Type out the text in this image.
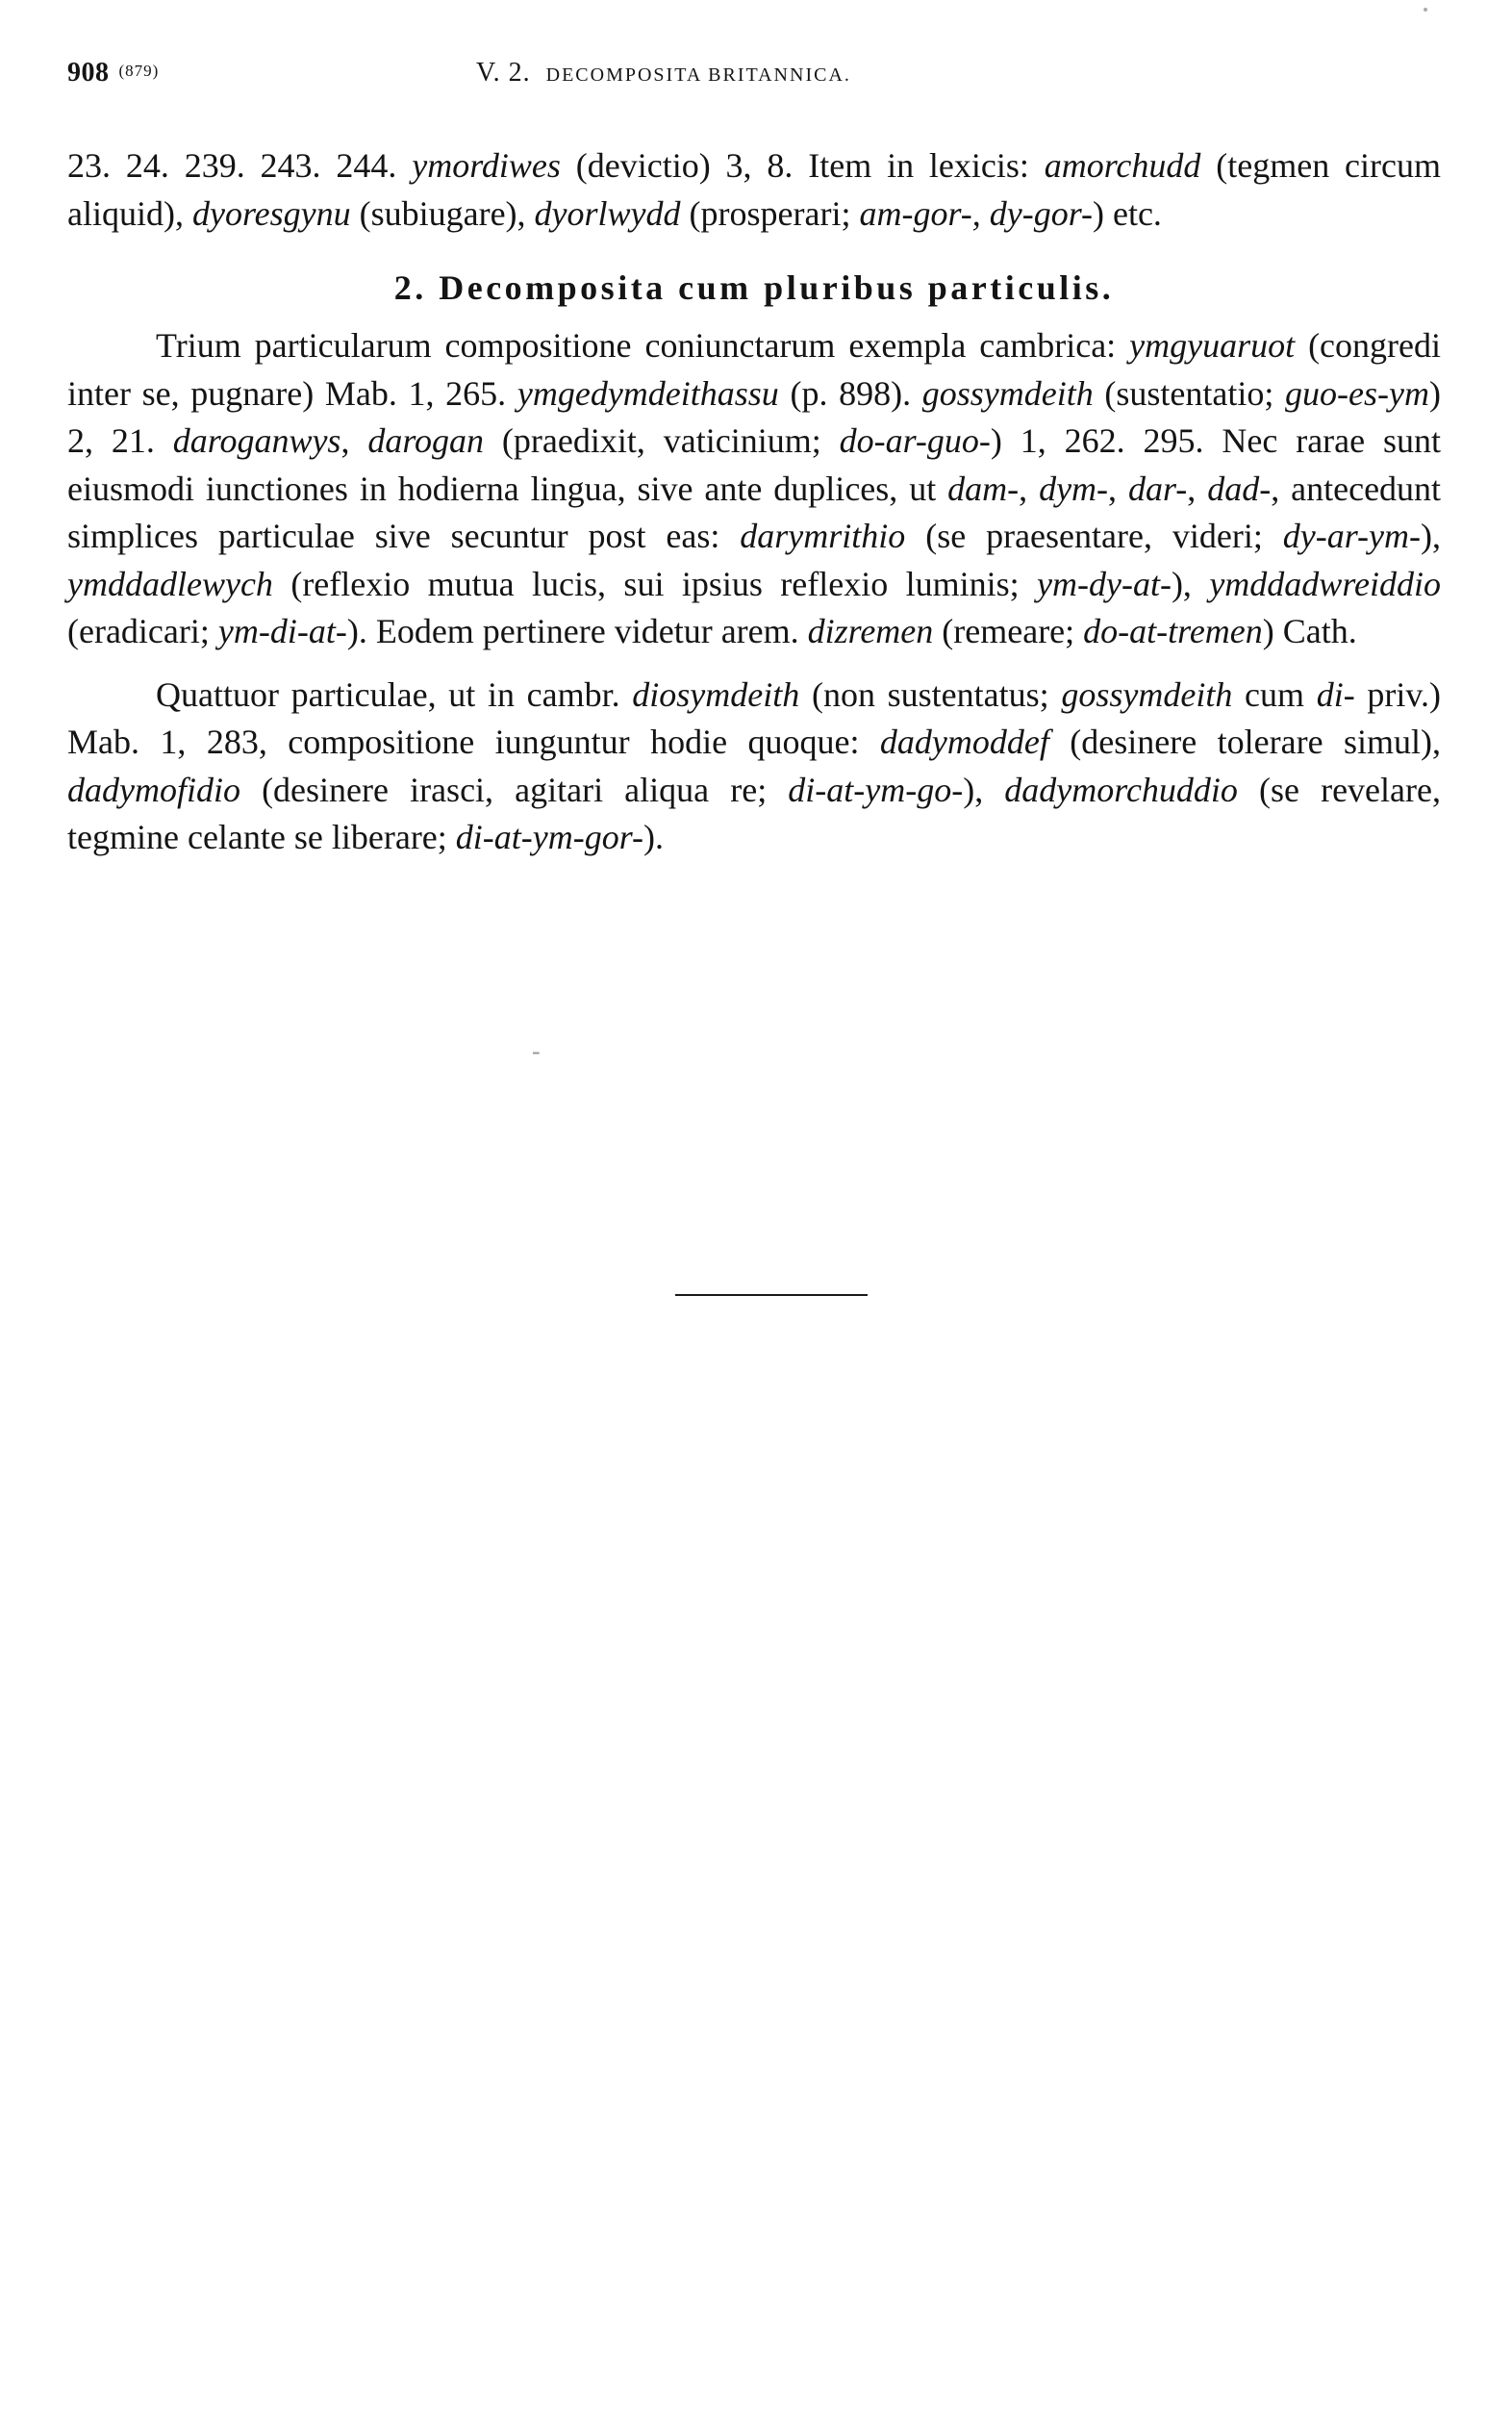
908 (879)	V. 2. DECOMPOSITA BRITANNICA.

23. 24. 239. 243. 244. ymordiwes (devictio) 3, 8. Item in lexicis: amorchudd (tegmen circum aliquid), dyoresgynu (subiugare), dyorlwydd (prosperari; am-gor-, dy-gor-) etc.

2. Decomposita cum pluribus particulis.

Trium particularum compositione coniunctarum exempla cambrica: ymgyuaruot (congredi inter se, pugnare) Mab. 1, 265. ymgedymdeithassu (p. 898). gossymdeith (sustentatio; guo-es-ym) 2, 21. daroganwys, darogan (praedixit, vaticinium; do-ar-guo-) 1, 262. 295. Nec rarae sunt eiusmodi iunctiones in hodierna lingua, sive ante duplices, ut dam-, dym-, dar-, dad-, antecedunt simplices particulae sive secuntur post eas: darymrithio (se praesentare, videri; dy-ar-ym-), ymddadlewych (reflexio mutua lucis, sui ipsius reflexio luminis; ym-dy-at-), ymddadwreiddio (eradicari; ym-di-at-). Eodem pertinere videtur arem. dizremen (remeare; do-at-tremen) Cath.

Quattuor particulae, ut in cambr. diosymdeith (non sustentatus; gossymdeith cum di- priv.) Mab. 1, 283, compositione iunguntur hodie quoque: dadymoddef (desinere tolerare simul), dadymofidio (desinere irasci, agitari aliqua re; di-at-ym-go-), dadymorchuddio (se revelare, tegmine celante se liberare; di-at-ym-gor-).

-
